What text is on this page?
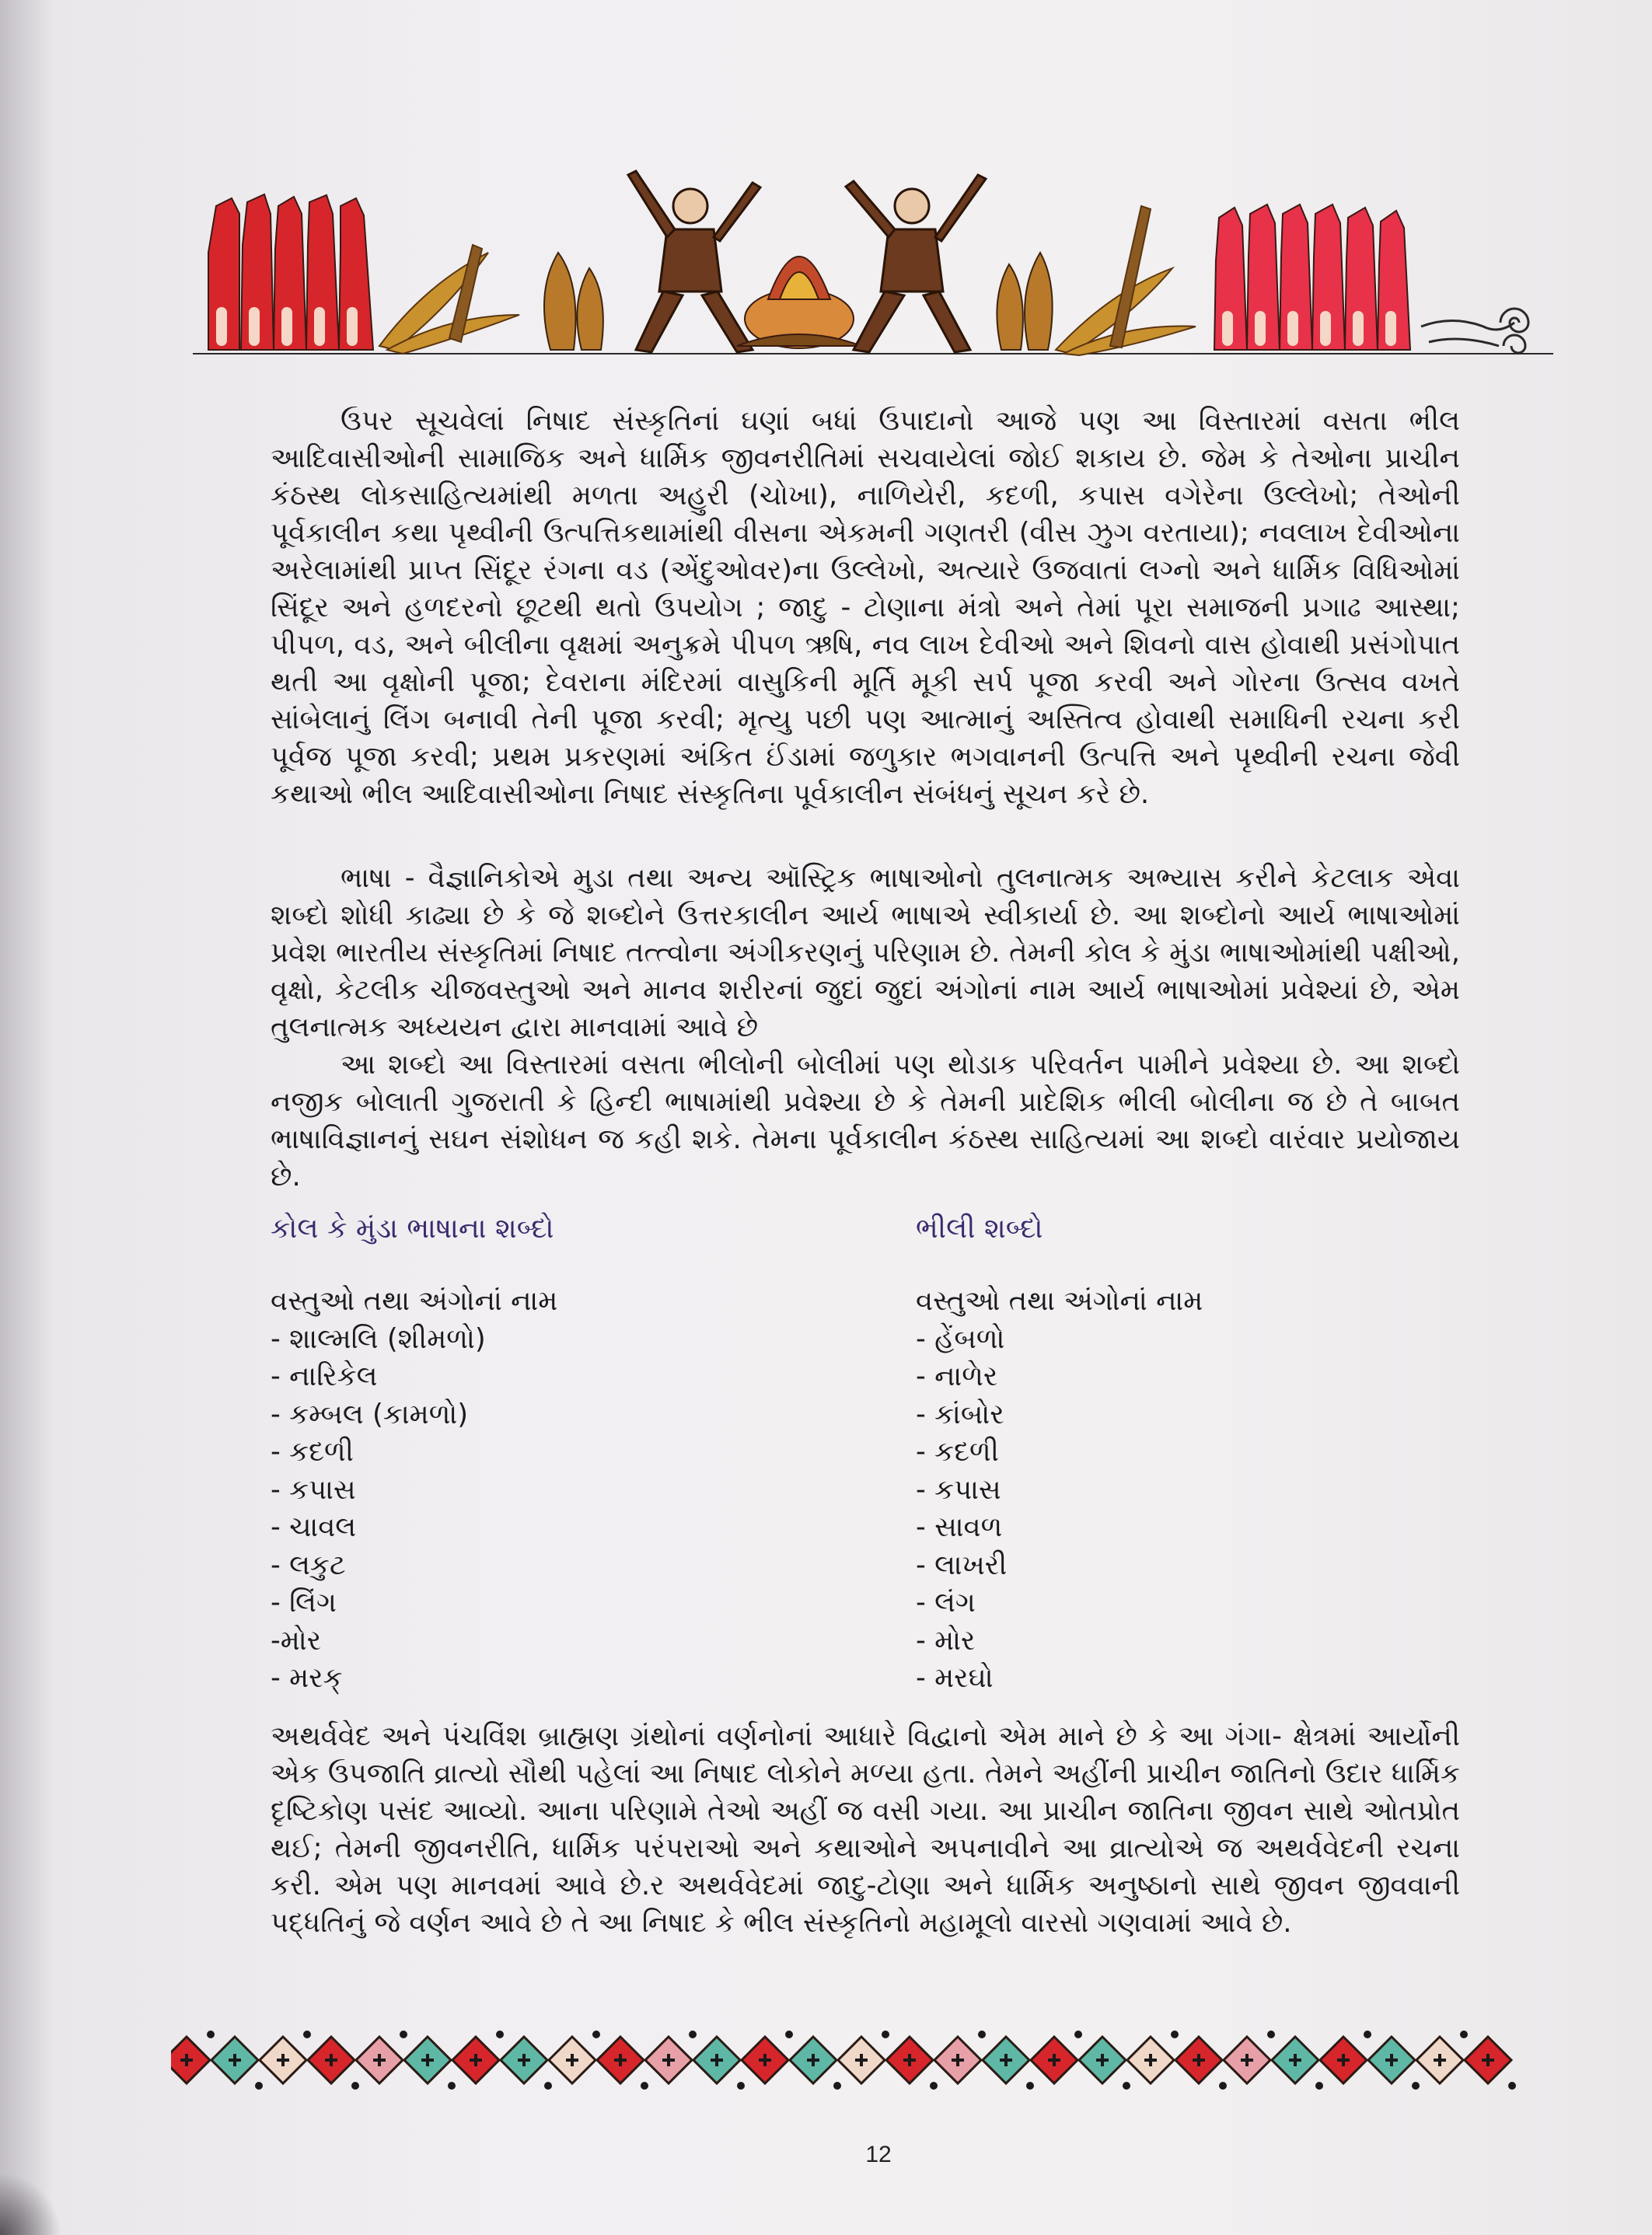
ઉપર સૂચવેલાં નિષાદ સંસ્કૃતિનાં ઘણાં બધાં ઉપાદાનો આજે પણ આ વિસ્તારમાં વસતા ભીલ આદિવાસીઓની સામાજિક અને ધાર્મિક જીવનરીતિમાં સચવાયેલાં જોઈ શકાય છે. જેમ કે તેઓના પ્રાચીન કંઠસ્થ લોકસાહિત્યમાંથી મળતા અહુરી (ચોખા), નાળિયેરી, કદળી, કપાસ વગેરેના ઉલ્લેખો; તેઓની પૂર્વકાલીન કથા પૃથ્વીની ઉત્પત્તિકથામાંથી વીસના એકમની ગણતરી (વીસ ઝુગ વરતાયા); નવલાખ દેવીઓના અરેલામાંથી પ્રાપ્ત સિંદૂર રંગના વડ (એંદુઓવર)ના ઉલ્લેખો, અત્યારે ઉજવાતાં લગ્નો અને ધાર્મિક વિધિઓમાં સિંદૂર અને હળદરનો છૂટથી થતો ઉપયોગ ; જાદુ - ટોણાના મંત્રો અને તેમાં પૂરા સમાજની પ્રગાઢ આસ્થા; પીપળ, વડ, અને બીલીના વૃક્ષમાં અનુક્રમે પીપળ ઋષિ, નવ લાખ દેવીઓ અને શિવનો વાસ હોવાથી પ્રસંગોપાત થતી આ વૃક્ષોની પૂજા; દેવરાના મંદિરમાં વાસુકિની મૂર્તિ મૂકી સર્પ પૂજા કરવી અને ગોરના ઉત્સવ વખતે સાંબેલાનું લિંગ બનાવી તેની પૂજા કરવી; મૃત્યુ પછી પણ આત્માનું અસ્તિત્વ હોવાથી સમાધિની રચના કરી પૂર્વજ પૂજા કરવી; પ્રથમ પ્રકરણમાં અંકિત ઈંડામાં જળુકાર ભગવાનની ઉત્પત્તિ અને પૃથ્વીની રચના જેવી કથાઓ ભીલ આદિવાસીઓના નિષાદ સંસ્કૃતિના પૂર્વકાલીન સંબંધનું સૂચન કરે છે.

ભાષા - વૈજ્ઞાનિકોએ મુડા તથા અન્ય ઑસ્ટ્રિક ભાષાઓનો તુલનાત્મક અભ્યાસ કરીને કેટલાક એવા શબ્દો શોધી કાઢ્યા છે કે જે શબ્દોને ઉત્તરકાલીન આર્ય ભાષાએ સ્વીકાર્યા છે. આ શબ્દોનો આર્ય ભાષાઓમાં પ્રવેશ ભારતીય સંસ્કૃતિમાં નિષાદ તત્ત્વોના અંગીકરણનું પરિણામ છે. તેમની કોલ કે મુંડા ભાષાઓમાંથી પક્ષીઓ, વૃક્ષો, કેટલીક ચીજવસ્તુઓ અને માનવ શરીરનાં જુદાં જુદાં અંગોનાં નામ આર્ય ભાષાઓમાં પ્રવેશ્યાં છે, એમ તુલનાત્મક અધ્યયન દ્વારા માનવામાં આવે છે

આ શબ્દો આ વિસ્તારમાં વસતા ભીલોની બોલીમાં પણ થોડાક પરિવર્તન પામીને પ્રવેશ્યા છે. આ શબ્દો નજીક બોલાતી ગુજરાતી કે હિન્દી ભાષામાંથી પ્રવેશ્યા છે કે તેમની પ્રાદેશિક ભીલી બોલીના જ છે તે બાબત ભાષાવિજ્ઞાનનું સઘન સંશોધન જ કહી શકે. તેમના પૂર્વકાલીન કંઠસ્થ સાહિત્યમાં આ શબ્દો વારંવાર પ્રયોજાય છે.

કોલ કે મુંડા ભાષાના શબ્દો	ભીલી શબ્દો

વસ્તુઓ તથા અંગોનાં નામ
- શાલ્મલિ (શીમળો)
- નારિકેલ
- કમ્બલ (કામળો)
- કદળી
- કપાસ
- ચાવલ
- લકુટ
- લિંગ
-મોર
- મરક્
વસ્તુઓ તથા અંગોનાં નામ
- હેંબળો
- નાળેર
- કાંબોર
- કદળી
- કપાસ
- સાવળ
- લાખરી
- લંગ
- મોર
- મરઘો

અથર્વવેદ અને પંચવિંશ બ્રાહ્મણ ગ્રંથોનાં વર્ણનોનાં આધારે વિદ્વાનો એમ માને છે કે આ ગંગા- ક્ષેત્રમાં આર્યોની એક ઉપજાતિ વ્રાત્યો સૌથી પહેલાં આ નિષાદ લોકોને મળ્યા હતા. તેમને અહીંની પ્રાચીન જાતિનો ઉદાર ધાર્મિક દૃષ્ટિકોણ પસંદ આવ્યો. આના પરિણામે તેઓ અહીં જ વસી ગયા. આ પ્રાચીન જાતિના જીવન સાથે ઓતપ્રોત થઈ; તેમની જીવનરીતિ, ધાર્મિક પરંપરાઓ અને કથાઓને અપનાવીને આ વ્રાત્યોએ જ અથર્વવેદની રચના કરી. એમ પણ માનવમાં આવે છે.ર અથર્વવેદમાં જાદુ-ટોણા અને ધાર્મિક અનુષ્ઠાનો સાથે જીવન જીવવાની પદ્ધતિનું જે વર્ણન આવે છે તે આ નિષાદ કે ભીલ સંસ્કૃતિનો મહામૂલો વારસો ગણવામાં આવે છે.

12
